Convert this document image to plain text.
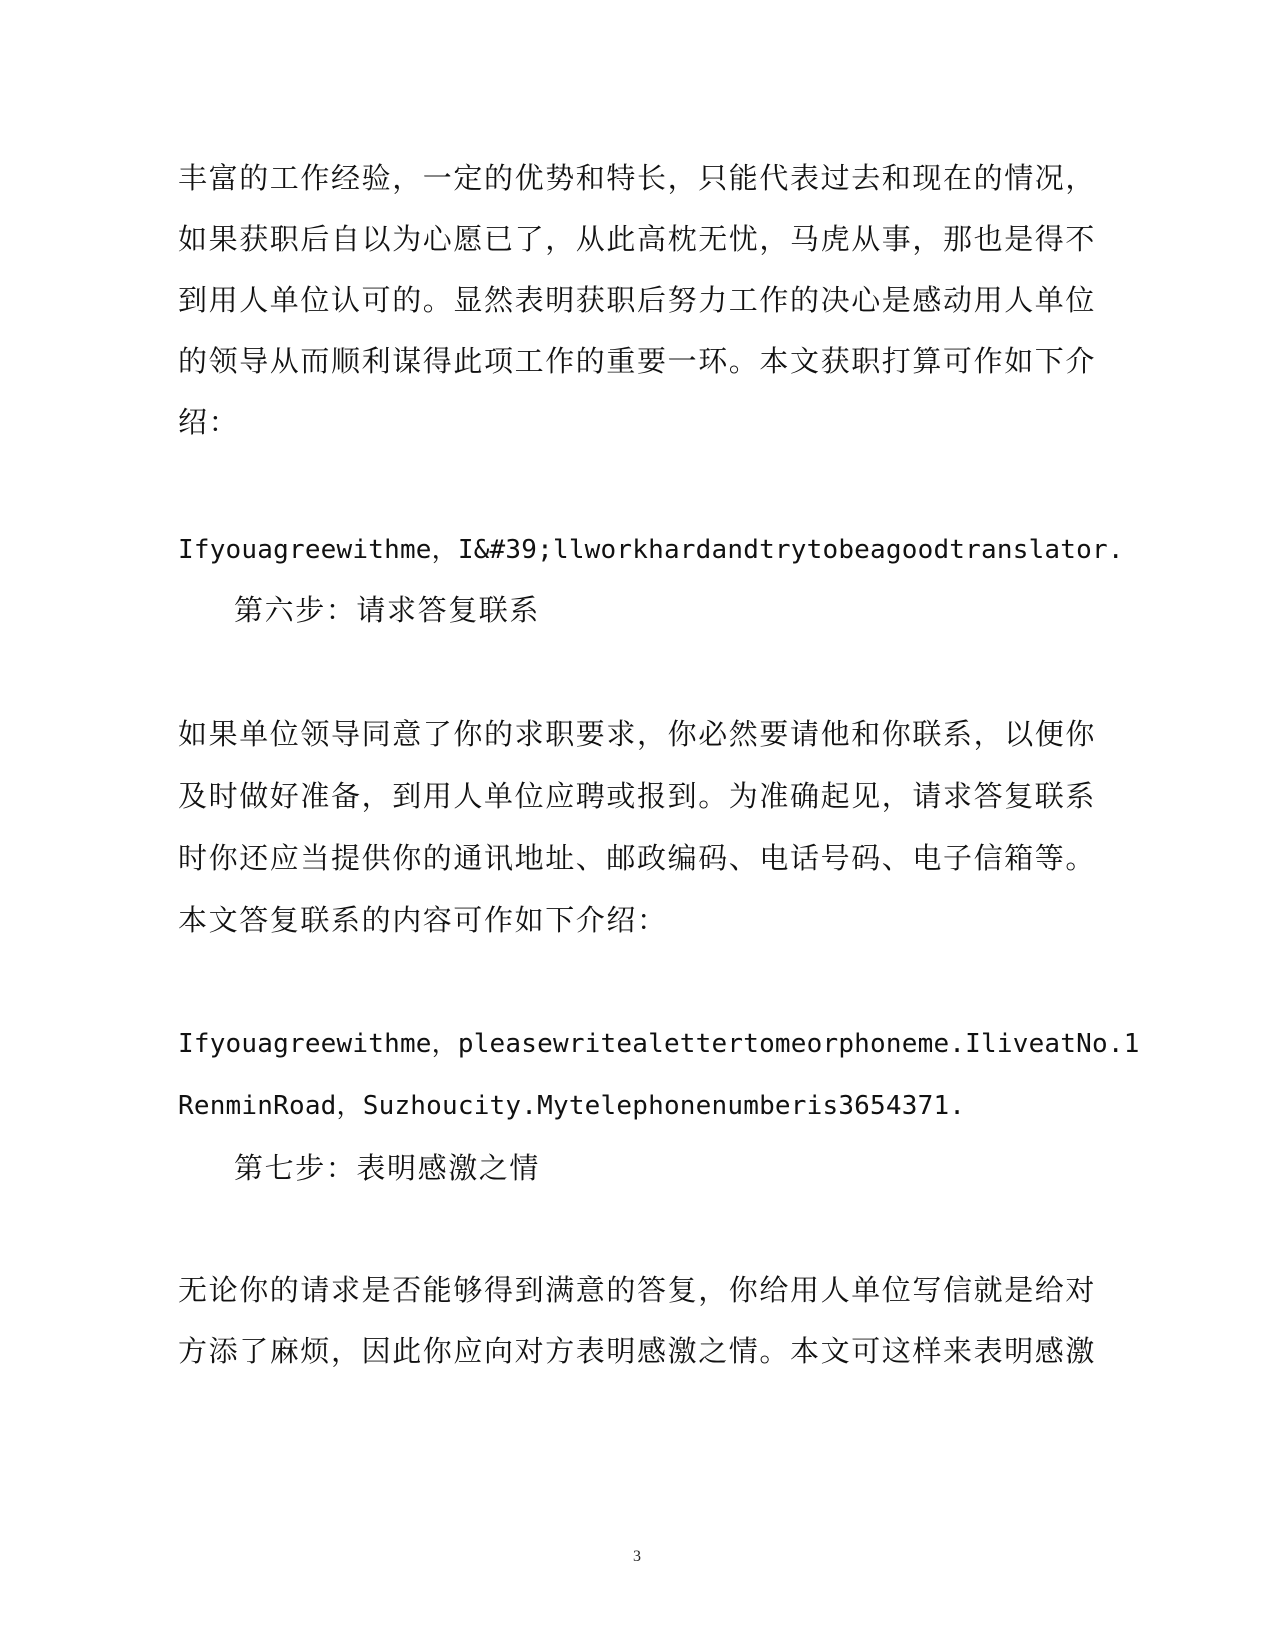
丰富的工作经验，一定的优势和特长，只能代表过去和现在的情况，
如果获职后自以为心愿已了，从此高枕无忧，马虎从事，那也是得不
到用人单位认可的。显然表明获职后努力工作的决心是感动用人单位
的领导从而顺利谋得此项工作的重要一环。本文获职打算可作如下介
绍：
Ifyouagreewithme，I&#39;llworkhardandtrytobeagoodtranslator.
第六步：请求答复联系
如果单位领导同意了你的求职要求，你必然要请他和你联系，以便你
及时做好准备，到用人单位应聘或报到。为准确起见，请求答复联系
时你还应当提供你的通讯地址、邮政编码、电话号码、电子信箱等。
本文答复联系的内容可作如下介绍：
Ifyouagreewithme，pleasewritealettertomeorphoneme.IliveatNo.1
RenminRoad，Suzhoucity.Mytelephonenumberis3654371.
第七步：表明感激之情
无论你的请求是否能够得到满意的答复，你给用人单位写信就是给对
方添了麻烦，因此你应向对方表明感激之情。本文可这样来表明感激
3
